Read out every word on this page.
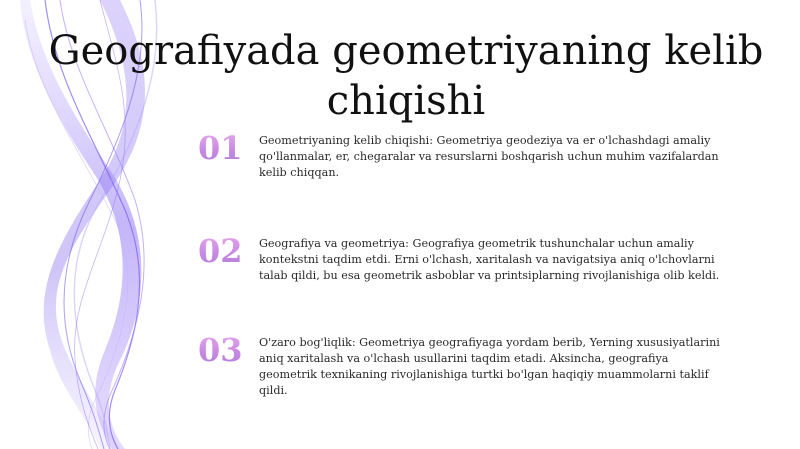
Geografiyada geometriyaning kelib chiqishi
01	Geometriyaning kelib chiqishi: Geometriya geodeziya va er o'lchashdagi amaliy qo'llanmalar, er, chegaralar va resurslarni boshqarish uchun muhim vazifalardan kelib chiqqan.

02	Geografiya va geometriya: Geografiya geometrik tushunchalar uchun amaliy kontekstni taqdim etdi. Erni o'lchash, xaritalash va navigatsiya aniq o'lchovlarni talab qildi, bu esa geometrik asboblar va printsiplarning rivojlanishiga olib keldi.

03	O'zaro bog'liqlik: Geometriya geografiyaga yordam berib, Yerning xususiyatlarini aniq xaritalash va o'lchash usullarini taqdim etadi. Aksincha, geografiya geometrik texnikaning rivojlanishiga turtki bo'lgan haqiqiy muammolarni taklif qildi.
